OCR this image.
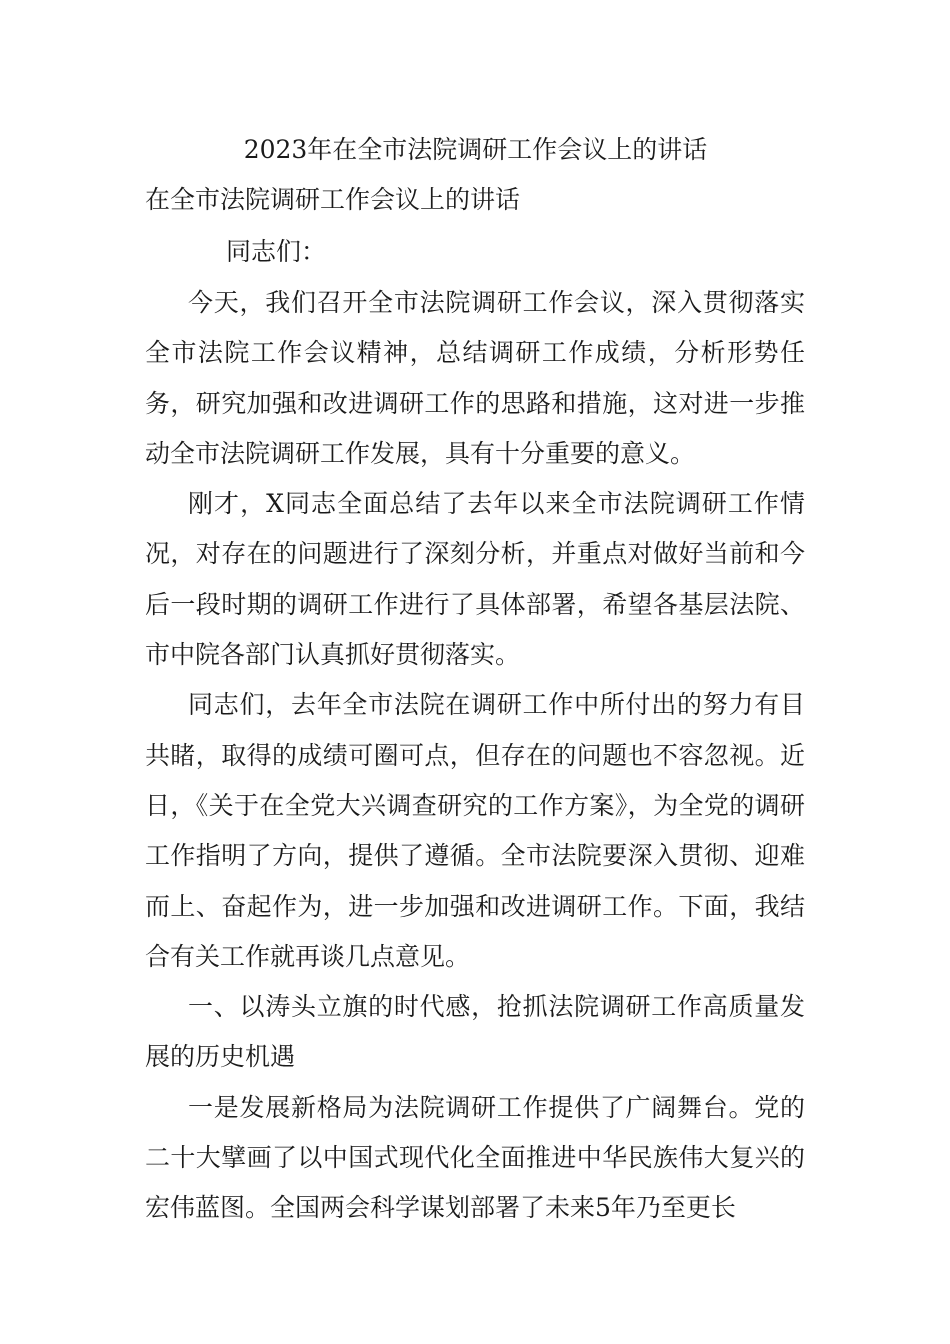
2023年在全市法院调研工作会议上的讲话
在全市法院调研工作会议上的讲话
同志们：

今天，我们召开全市法院调研工作会议，深入贯彻落实全市法院工作会议精神，总结调研工作成绩，分析形势任务，研究加强和改进调研工作的思路和措施，这对进一步推动全市法院调研工作发展，具有十分重要的意义。

刚才，X同志全面总结了去年以来全市法院调研工作情况，对存在的问题进行了深刻分析，并重点对做好当前和今后一段时期的调研工作进行了具体部署，希望各基层法院、市中院各部门认真抓好贯彻落实。

同志们，去年全市法院在调研工作中所付出的努力有目共睹，取得的成绩可圈可点，但存在的问题也不容忽视。近日，《关于在全党大兴调查研究的工作方案》，为全党的调研工作指明了方向，提供了遵循。全市法院要深入贯彻、迎难而上、奋起作为，进一步加强和改进调研工作。下面，我结合有关工作就再谈几点意见。

一、以涛头立旗的时代感，抢抓法院调研工作高质量发展的历史机遇

一是发展新格局为法院调研工作提供了广阔舞台。党的二十大擘画了以中国式现代化全面推进中华民族伟大复兴的宏伟蓝图。全国两会科学谋划部署了未来5年乃至更长
